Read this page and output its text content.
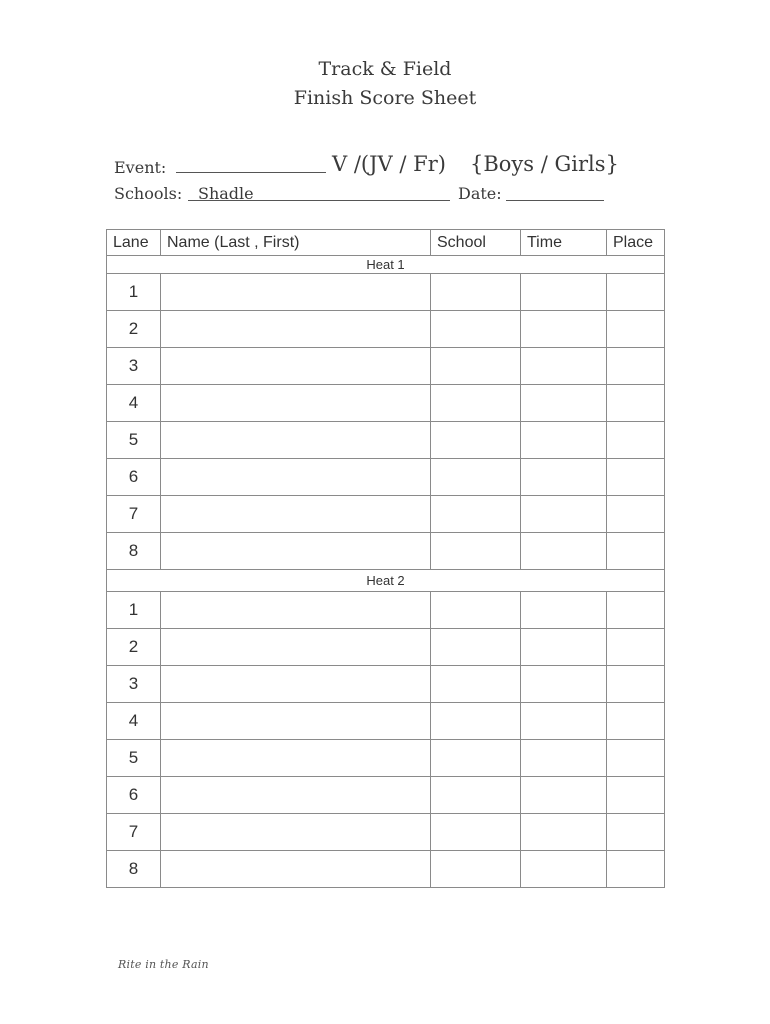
Track & Field
Finish Score Sheet
Event:	V /(JV / Fr) {Boys / Girls}
Schools: Shadle	Date:
Lane	Name (Last , First)	School	Time	Place
Heat 1				
1				
2				
3				
4				
5				
6				
7				
8				
Heat 2				
1				
2				
3				
4				
5				
6				
7				
8				
Rite in the Rain
